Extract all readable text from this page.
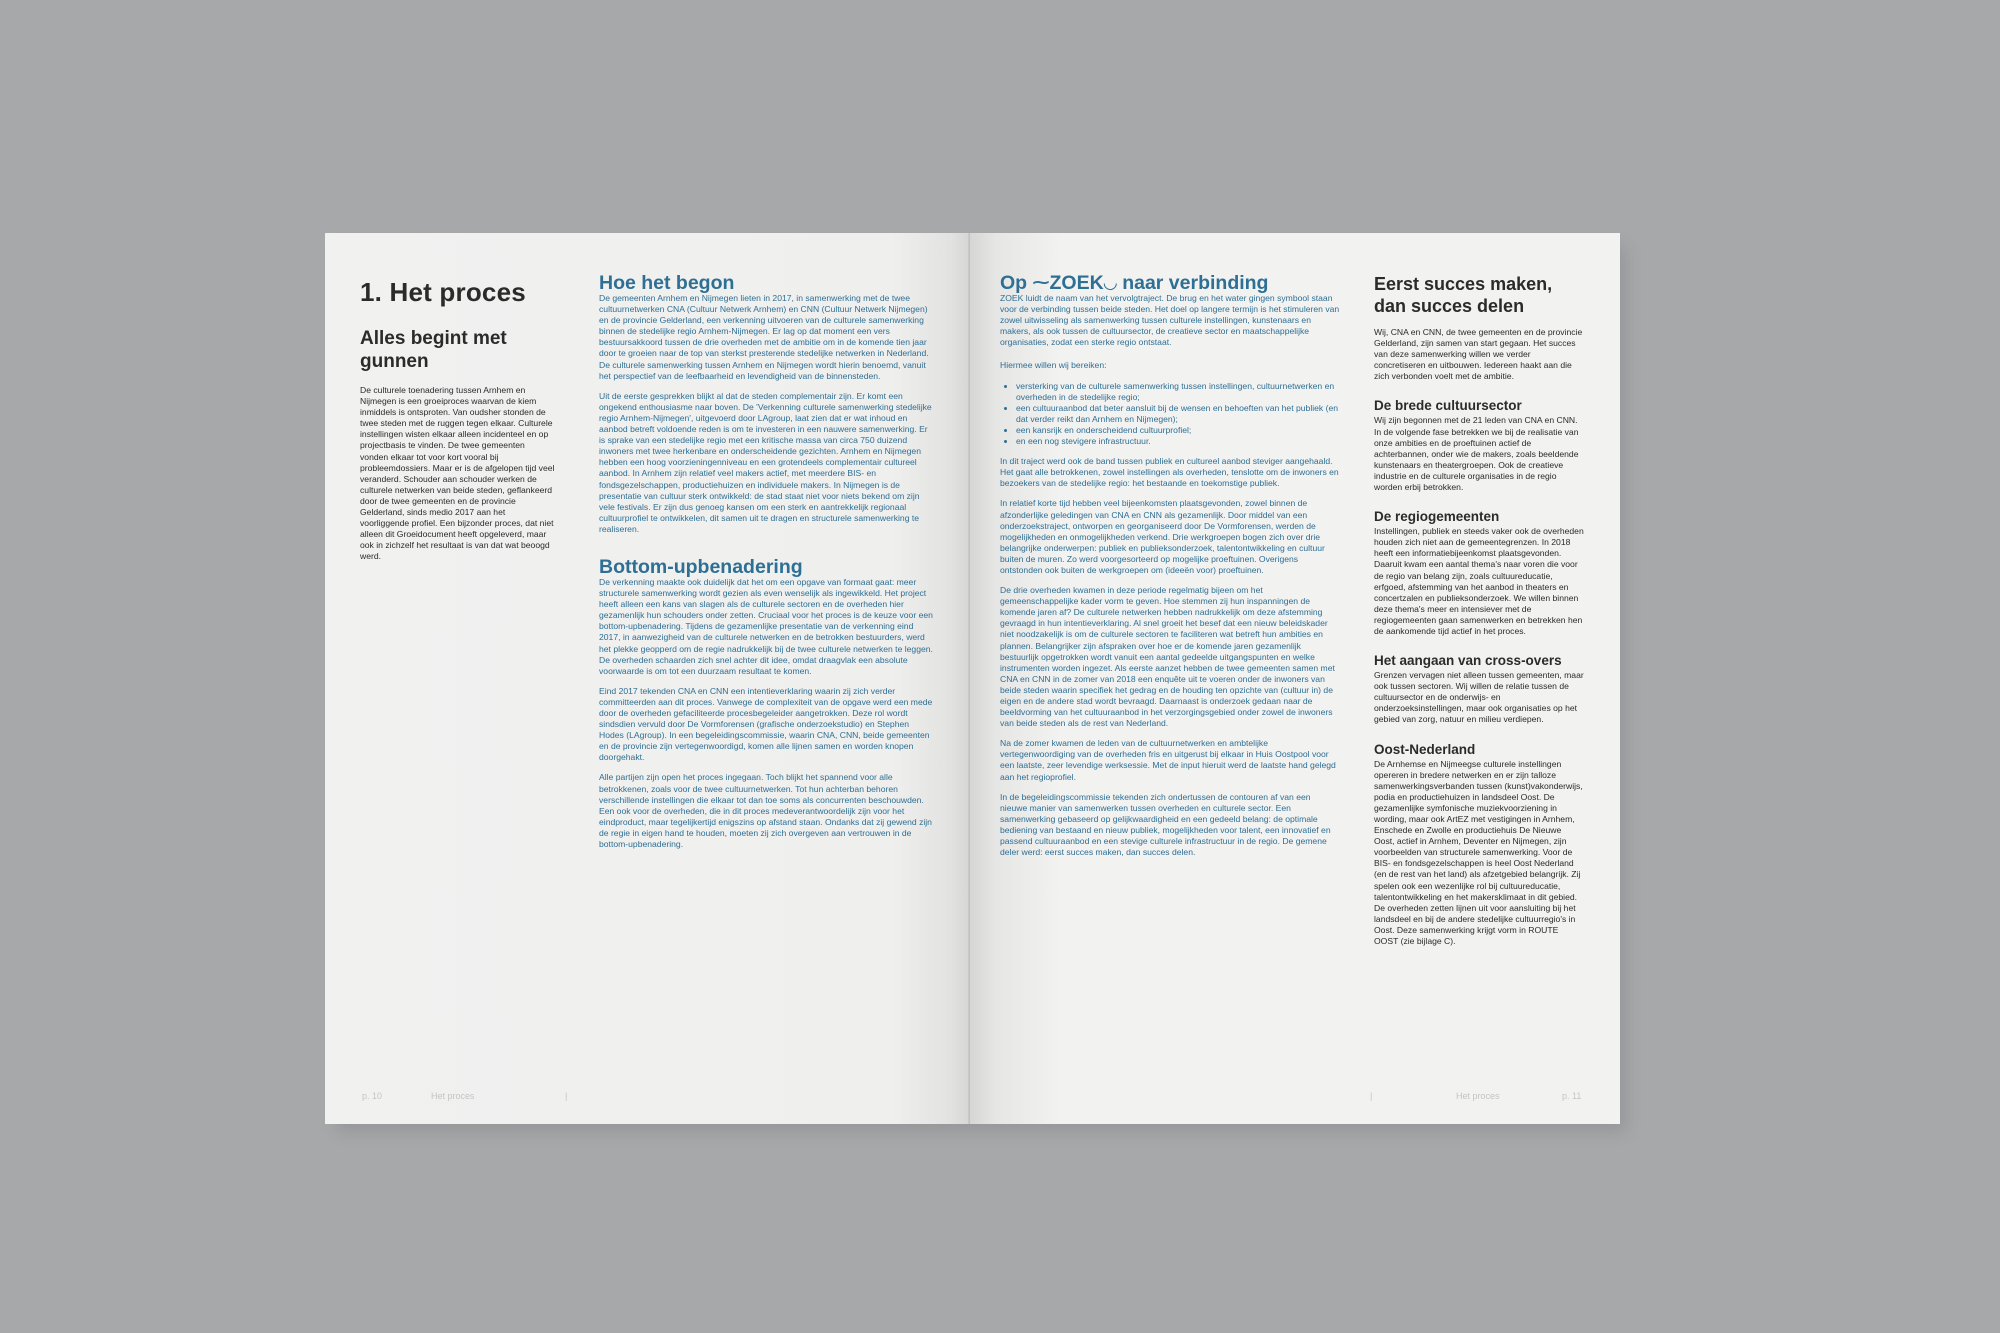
1. Het proces
Alles begint met gunnen

De culturele toenadering tussen Arnhem en Nijmegen is een groeiproces waarvan de kiem inmiddels is ontsproten. Van oudsher stonden de twee steden met de ruggen tegen elkaar. Culturele instellingen wisten elkaar alleen incidenteel en op projectbasis te vinden. De twee gemeenten vonden elkaar tot voor kort vooral bij probleemdossiers. Maar er is de afgelopen tijd veel veranderd. Schouder aan schouder werken de culturele netwerken van beide steden, geflankeerd door de twee gemeenten en de provincie Gelderland, sinds medio 2017 aan het voorliggende profiel. Een bijzonder proces, dat niet alleen dit Groeidocument heeft opgeleverd, maar ook in zichzelf het resultaat is van dat wat beoogd werd.

Hoe het begon

De gemeenten Arnhem en Nijmegen lieten in 2017, in samenwerking met de twee cultuurnetwerken CNA (Cultuur Netwerk Arnhem) en CNN (Cultuur Netwerk Nijmegen) en de provincie Gelderland, een verkenning uitvoeren van de culturele samenwerking binnen de stedelijke regio Arnhem-Nijmegen. Er lag op dat moment een vers bestuursakkoord tussen de drie overheden met de ambitie om in de komende tien jaar door te groeien naar de top van sterkst presterende stedelijke netwerken in Nederland. De culturele samenwerking tussen Arnhem en Nijmegen wordt hierin benoemd, vanuit het perspectief van de leefbaarheid en levendigheid van de binnensteden.

Uit de eerste gesprekken blijkt al dat de steden complementair zijn. Er komt een ongekend enthousiasme naar boven. De 'Verkenning culturele samenwerking stedelijke regio Arnhem-Nijmegen', uitgevoerd door LAgroup, laat zien dat er wat inhoud en aanbod betreft voldoende reden is om te investeren in een nauwere samenwerking. Er is sprake van een stedelijke regio met een kritische massa van circa 750 duizend inwoners met twee herkenbare en onderscheidende gezichten. Arnhem en Nijmegen hebben een hoog voorzieningenniveau en een grotendeels complementair cultureel aanbod. In Arnhem zijn relatief veel makers actief, met meerdere BIS- en fondsgezelschappen, productiehuizen en individuele makers. In Nijmegen is de presentatie van cultuur sterk ontwikkeld: de stad staat niet voor niets bekend om zijn vele festivals. Er zijn dus genoeg kansen om een sterk en aantrekkelijk regionaal cultuurprofiel te ontwikkelen, dit samen uit te dragen en structurele samenwerking te realiseren.

Bottom-upbenadering

De verkenning maakte ook duidelijk dat het om een opgave van formaat gaat: meer structurele samenwerking wordt gezien als even wenselijk als ingewikkeld. Het project heeft alleen een kans van slagen als de culturele sectoren en de overheden hier gezamenlijk hun schouders onder zetten. Cruciaal voor het proces is de keuze voor een bottom-upbenadering. Tijdens de gezamenlijke presentatie van de verkenning eind 2017, in aanwezigheid van de culturele netwerken en de betrokken bestuurders, werd het plekke geopperd om de regie nadrukkelijk bij de twee culturele netwerken te leggen. De overheden schaarden zich snel achter dit idee, omdat draagvlak een absolute voorwaarde is om tot een duurzaam resultaat te komen.

Eind 2017 tekenden CNA en CNN een intentieverklaring waarin zij zich verder committeerden aan dit proces. Vanwege de complexiteit van de opgave werd een mede door de overheden gefaciliteerde procesbegeleider aangetrokken. Deze rol wordt sindsdien vervuld door De Vormforensen (grafische onderzoekstudio) en Stephen Hodes (LAgroup). In een begeleidingscommissie, waarin CNA, CNN, beide gemeenten en de provincie zijn vertegenwoordigd, komen alle lijnen samen en worden knopen doorgehakt.

Alle partijen zijn open het proces ingegaan. Toch blijkt het spannend voor alle betrokkenen, zoals voor de twee cultuurnetwerken. Tot hun achterban behoren verschillende instellingen die elkaar tot dan toe soms als concurrenten beschouwden. Een ook voor de overheden, die in dit proces medeverantwoordelijk zijn voor het eindproduct, maar tegelijkertijd enigszins op afstand staan. Ondanks dat zij gewend zijn de regie in eigen hand te houden, moeten zij zich overgeven aan vertrouwen in de bottom-upbenadering.

p. 10	Het proces	|
Op ⁓ZOEK◡ naar verbinding

ZOEK luidt de naam van het vervolgtraject. De brug en het water gingen symbool staan voor de verbinding tussen beide steden. Het doel op langere termijn is het stimuleren van zowel uitwisseling als samenwerking tussen culturele instellingen, kunstenaars en makers, als ook tussen de cultuursector, de creatieve sector en maatschappelijke organisaties, zodat een sterke regio ontstaat.

Hiermee willen wij bereiken:

• versterking van de culturele samenwerking tussen instellingen, cultuurnetwerken en overheden in de stedelijke regio;
• een cultuuraanbod dat beter aansluit bij de wensen en behoeften van het publiek (en dat verder reikt dan Arnhem en Nijmegen);
• een kansrijk en onderscheidend cultuurprofiel;
• en een nog stevigere infrastructuur.

In dit traject werd ook de band tussen publiek en cultureel aanbod steviger aangehaald. Het gaat alle betrokkenen, zowel instellingen als overheden, tenslotte om de inwoners en bezoekers van de stedelijke regio: het bestaande en toekomstige publiek.

In relatief korte tijd hebben veel bijeenkomsten plaatsgevonden, zowel binnen de afzonderlijke geledingen van CNA en CNN als gezamenlijk. Door middel van een onderzoekstraject, ontworpen en georganiseerd door De Vormforensen, werden de mogelijkheden en onmogelijkheden verkend. Drie werkgroepen bogen zich over drie belangrijke onderwerpen: publiek en publieksonderzoek, talentontwikkeling en cultuur buiten de muren. Zo werd voorgesorteerd op mogelijke proeftuinen. Overigens ontstonden ook buiten de werkgroepen om (ideeën voor) proeftuinen.

De drie overheden kwamen in deze periode regelmatig bijeen om het gemeenschappelijke kader vorm te geven. Hoe stemmen zij hun inspanningen de komende jaren af? De culturele netwerken hebben nadrukkelijk om deze afstemming gevraagd in hun intentieverklaring. Al snel groeit het besef dat een nieuw beleidskader niet noodzakelijk is om de culturele sectoren te faciliteren wat betreft hun ambities en plannen. Belangrijker zijn afspraken over hoe er de komende jaren gezamenlijk bestuurlijk opgetrokken wordt vanuit een aantal gedeelde uitgangspunten en welke instrumenten worden ingezet. Als eerste aanzet hebben de twee gemeenten samen met CNA en CNN in de zomer van 2018 een enquête uit te voeren onder de inwoners van beide steden waarin specifiek het gedrag en de houding ten opzichte van (cultuur in) de eigen en de andere stad wordt bevraagd. Daarnaast is onderzoek gedaan naar de beeldvorming van het cultuuraanbod in het verzorgingsgebied onder zowel de inwoners van beide steden als de rest van Nederland.

Na de zomer kwamen de leden van de cultuurnetwerken en ambtelijke vertegenwoordiging van de overheden fris en uitgerust bij elkaar in Huis Oostpool voor een laatste, zeer levendige werksessie. Met de input hieruit werd de laatste hand gelegd aan het regioprofiel.

In de begeleidingscommissie tekenden zich ondertussen de contouren af van een nieuwe manier van samenwerken tussen overheden en culturele sector. Een samenwerking gebaseerd op gelijkwaardigheid en een gedeeld belang: de optimale bediening van bestaand en nieuw publiek, mogelijkheden voor talent, een innovatief en passend cultuuraanbod en een stevige culturele infrastructuur in de regio. De gemene deler werd: eerst succes maken, dan succes delen.

Eerst succes maken, dan succes delen

Wij, CNA en CNN, de twee gemeenten en de provincie Gelderland, zijn samen van start gegaan. Het succes van deze samenwerking willen we verder concretiseren en uitbouwen. Iedereen haakt aan die zich verbonden voelt met de ambitie.

De brede cultuursector

Wij zijn begonnen met de 21 leden van CNA en CNN. In de volgende fase betrekken we bij de realisatie van onze ambities en de proeftuinen actief de achterbannen, onder wie de makers, zoals beeldende kunstenaars en theatergroepen. Ook de creatieve industrie en de culturele organisaties in de regio worden erbij betrokken.

De regiogemeenten

Instellingen, publiek en steeds vaker ook de overheden houden zich niet aan de gemeentegrenzen. In 2018 heeft een informatiebijeenkomst plaatsgevonden. Daaruit kwam een aantal thema's naar voren die voor de regio van belang zijn, zoals cultuureducatie, erfgoed, afstemming van het aanbod in theaters en concertzalen en publieksonderzoek. We willen binnen deze thema's meer en intensiever met de regiogemeenten gaan samenwerken en betrekken hen de aankomende tijd actief in het proces.

Het aangaan van cross-overs

Grenzen vervagen niet alleen tussen gemeenten, maar ook tussen sectoren. Wij willen de relatie tussen de cultuursector en de onderwijs- en onderzoeksinstellingen, maar ook organisaties op het gebied van zorg, natuur en milieu verdiepen.

Oost-Nederland

De Arnhemse en Nijmeegse culturele instellingen opereren in bredere netwerken en er zijn talloze samenwerkingsverbanden tussen (kunst)vakonderwijs, podia en productiehuizen in landsdeel Oost. De gezamenlijke symfonische muziekvoorziening in wording, maar ook ArtEZ met vestigingen in Arnhem, Enschede en Zwolle en productiehuis De Nieuwe Oost, actief in Arnhem, Deventer en Nijmegen, zijn voorbeelden van structurele samenwerking. Voor de BIS- en fondsgezelschappen is heel Oost Nederland (en de rest van het land) als afzetgebied belangrijk. Zij spelen ook een wezenlijke rol bij cultuureducatie, talentontwikkeling en het makersklimaat in dit gebied. De overheden zetten lijnen uit voor aansluiting bij het landsdeel en bij de andere stedelijke cultuurregio's in Oost. Deze samenwerking krijgt vorm in ROUTE OOST (zie bijlage C).

|	Het proces	p. 11
